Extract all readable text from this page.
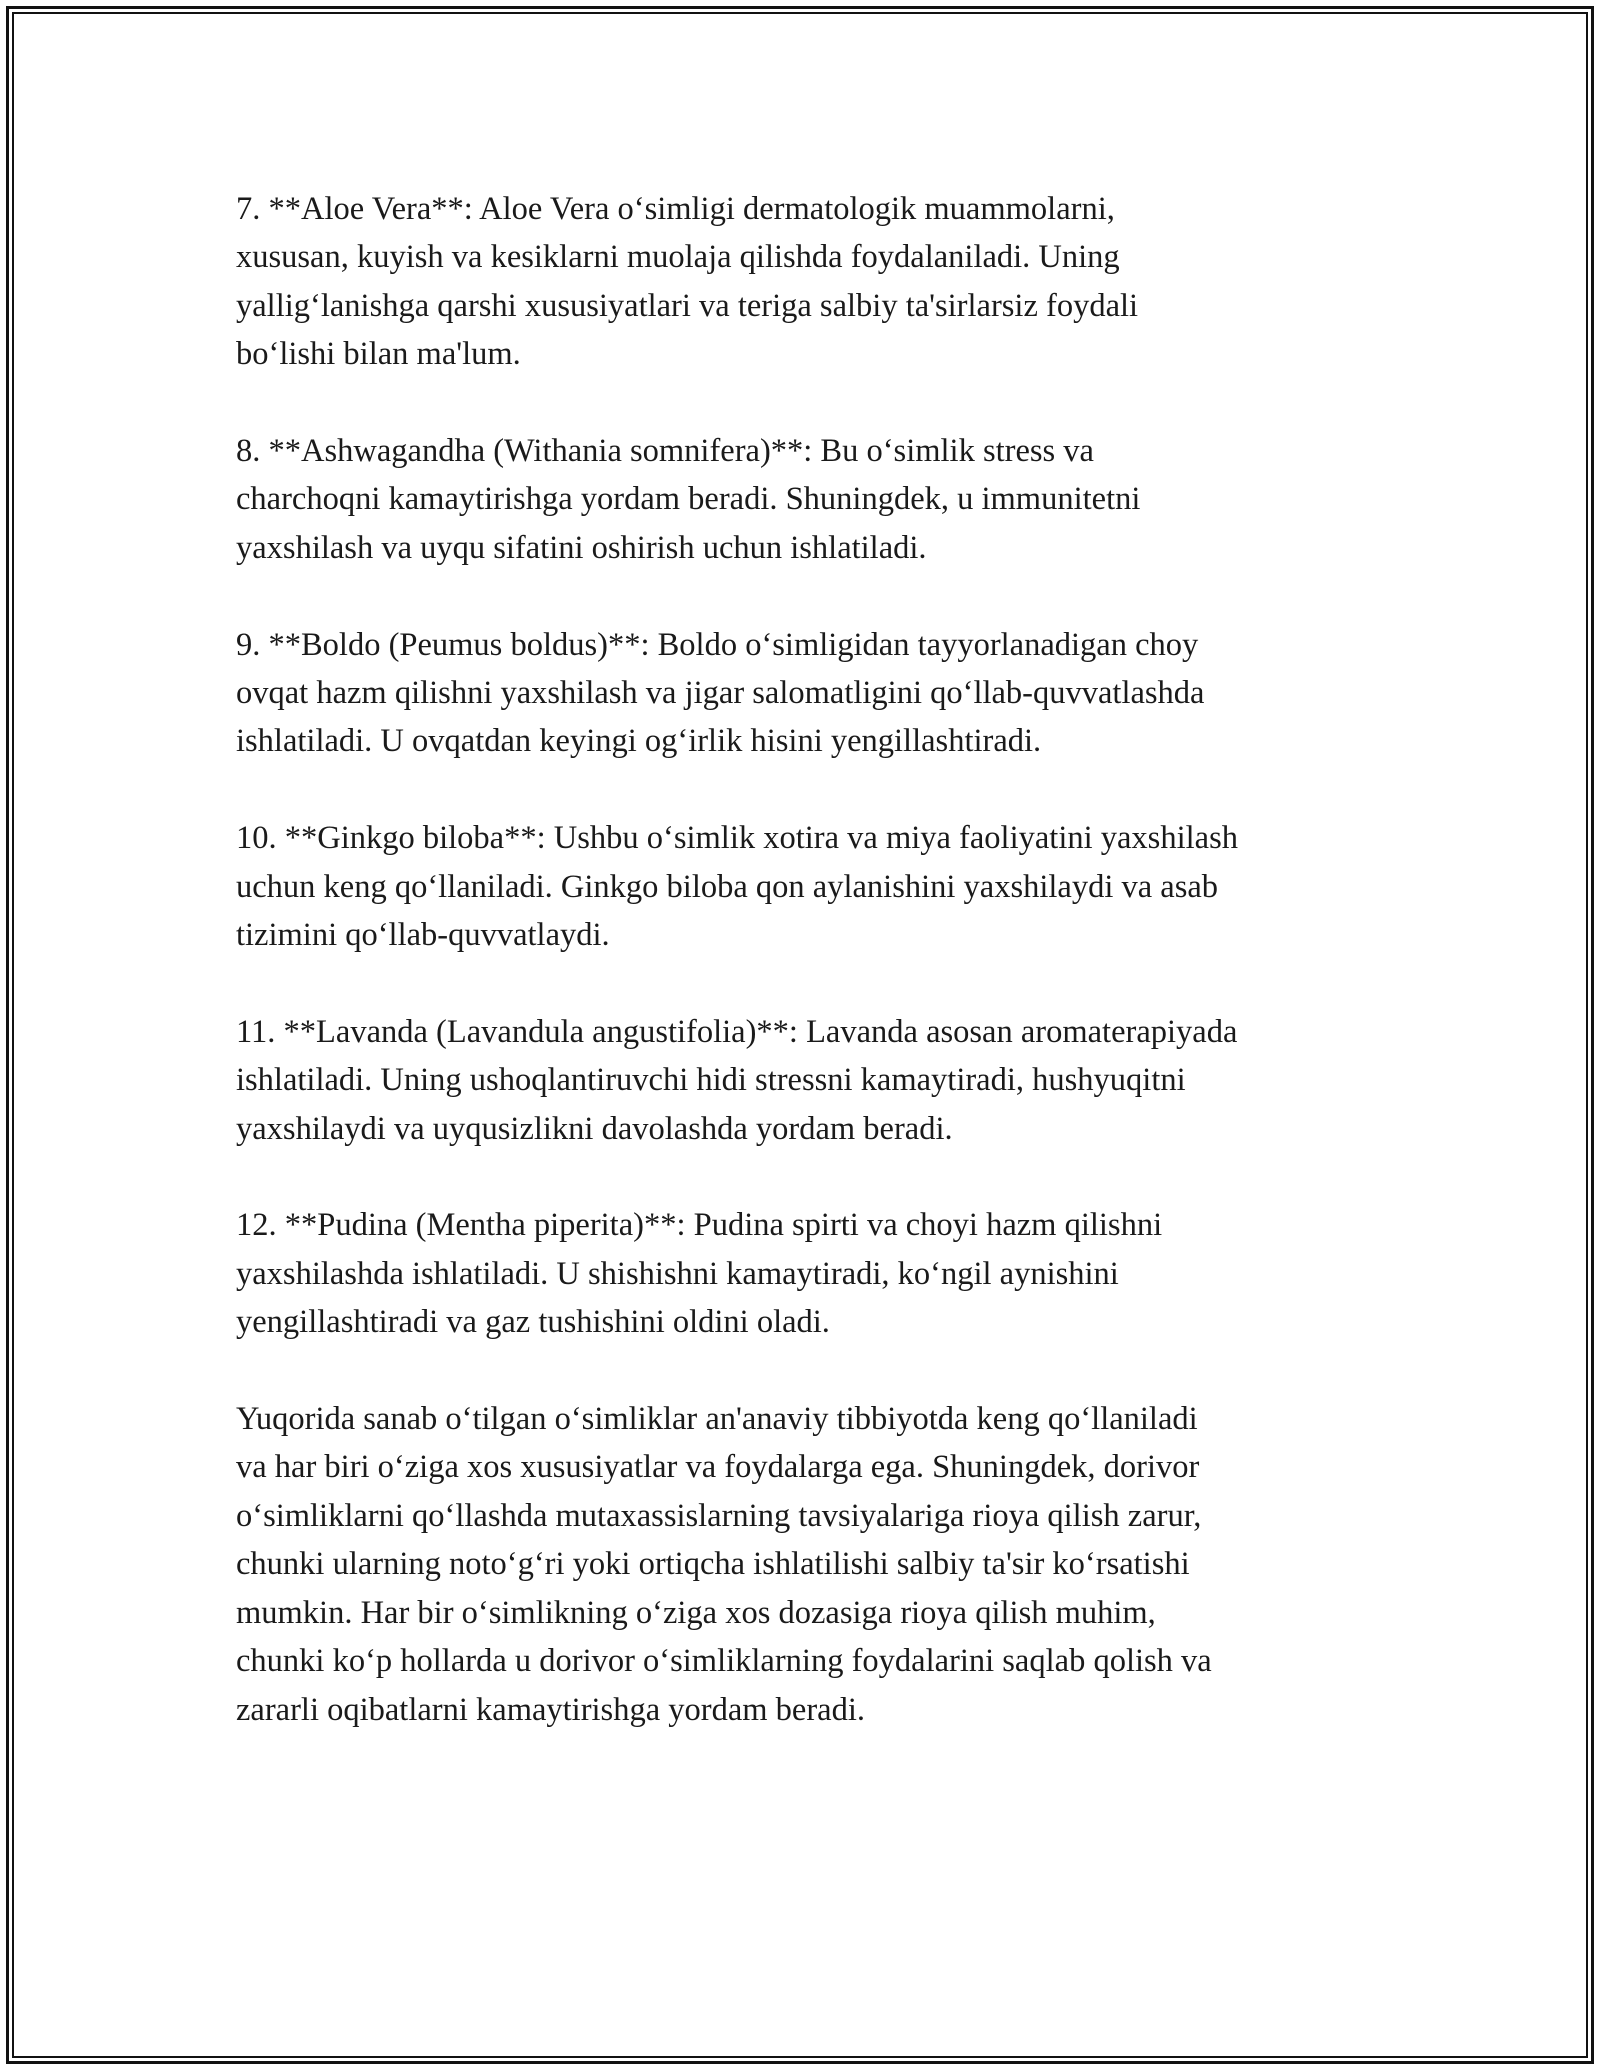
7. **Aloe Vera**: Aloe Vera o‘simligi dermatologik muammolarni,
xususan, kuyish va kesiklarni muolaja qilishda foydalaniladi. Uning
yallig‘lanishga qarshi xususiyatlari va teriga salbiy ta'sirlarsiz foydali
bo‘lishi bilan ma'lum.

8. **Ashwagandha (Withania somnifera)**: Bu o‘simlik stress va
charchoqni kamaytirishga yordam beradi. Shuningdek, u immunitetni
yaxshilash va uyqu sifatini oshirish uchun ishlatiladi.

9. **Boldo (Peumus boldus)**: Boldo o‘simligidan tayyorlanadigan choy
ovqat hazm qilishni yaxshilash va jigar salomatligini qo‘llab-quvvatlashda
ishlatiladi. U ovqatdan keyingi og‘irlik hisini yengillashtiradi.

10. **Ginkgo biloba**: Ushbu o‘simlik xotira va miya faoliyatini yaxshilash
uchun keng qo‘llaniladi. Ginkgo biloba qon aylanishini yaxshilaydi va asab
tizimini qo‘llab-quvvatlaydi.

11. **Lavanda (Lavandula angustifolia)**: Lavanda asosan aromaterapiyada
ishlatiladi. Uning ushoqlantiruvchi hidi stressni kamaytiradi, hushyuqitni
yaxshilaydi va uyqusizlikni davolashda yordam beradi.

12. **Pudina (Mentha piperita)**: Pudina spirti va choyi hazm qilishni
yaxshilashda ishlatiladi. U shishishni kamaytiradi, ko‘ngil aynishini
yengillashtiradi va gaz tushishini oldini oladi.

Yuqorida sanab o‘tilgan o‘simliklar an'anaviy tibbiyotda keng qo‘llaniladi
va har biri o‘ziga xos xususiyatlar va foydalarga ega. Shuningdek, dorivor
o‘simliklarni qo‘llashda mutaxassislarning tavsiyalariga rioya qilish zarur,
chunki ularning noto‘g‘ri yoki ortiqcha ishlatilishi salbiy ta'sir ko‘rsatishi
mumkin. Har bir o‘simlikning o‘ziga xos dozasiga rioya qilish muhim,
chunki ko‘p hollarda u dorivor o‘simliklarning foydalarini saqlab qolish va
zararli oqibatlarni kamaytirishga yordam beradi.
